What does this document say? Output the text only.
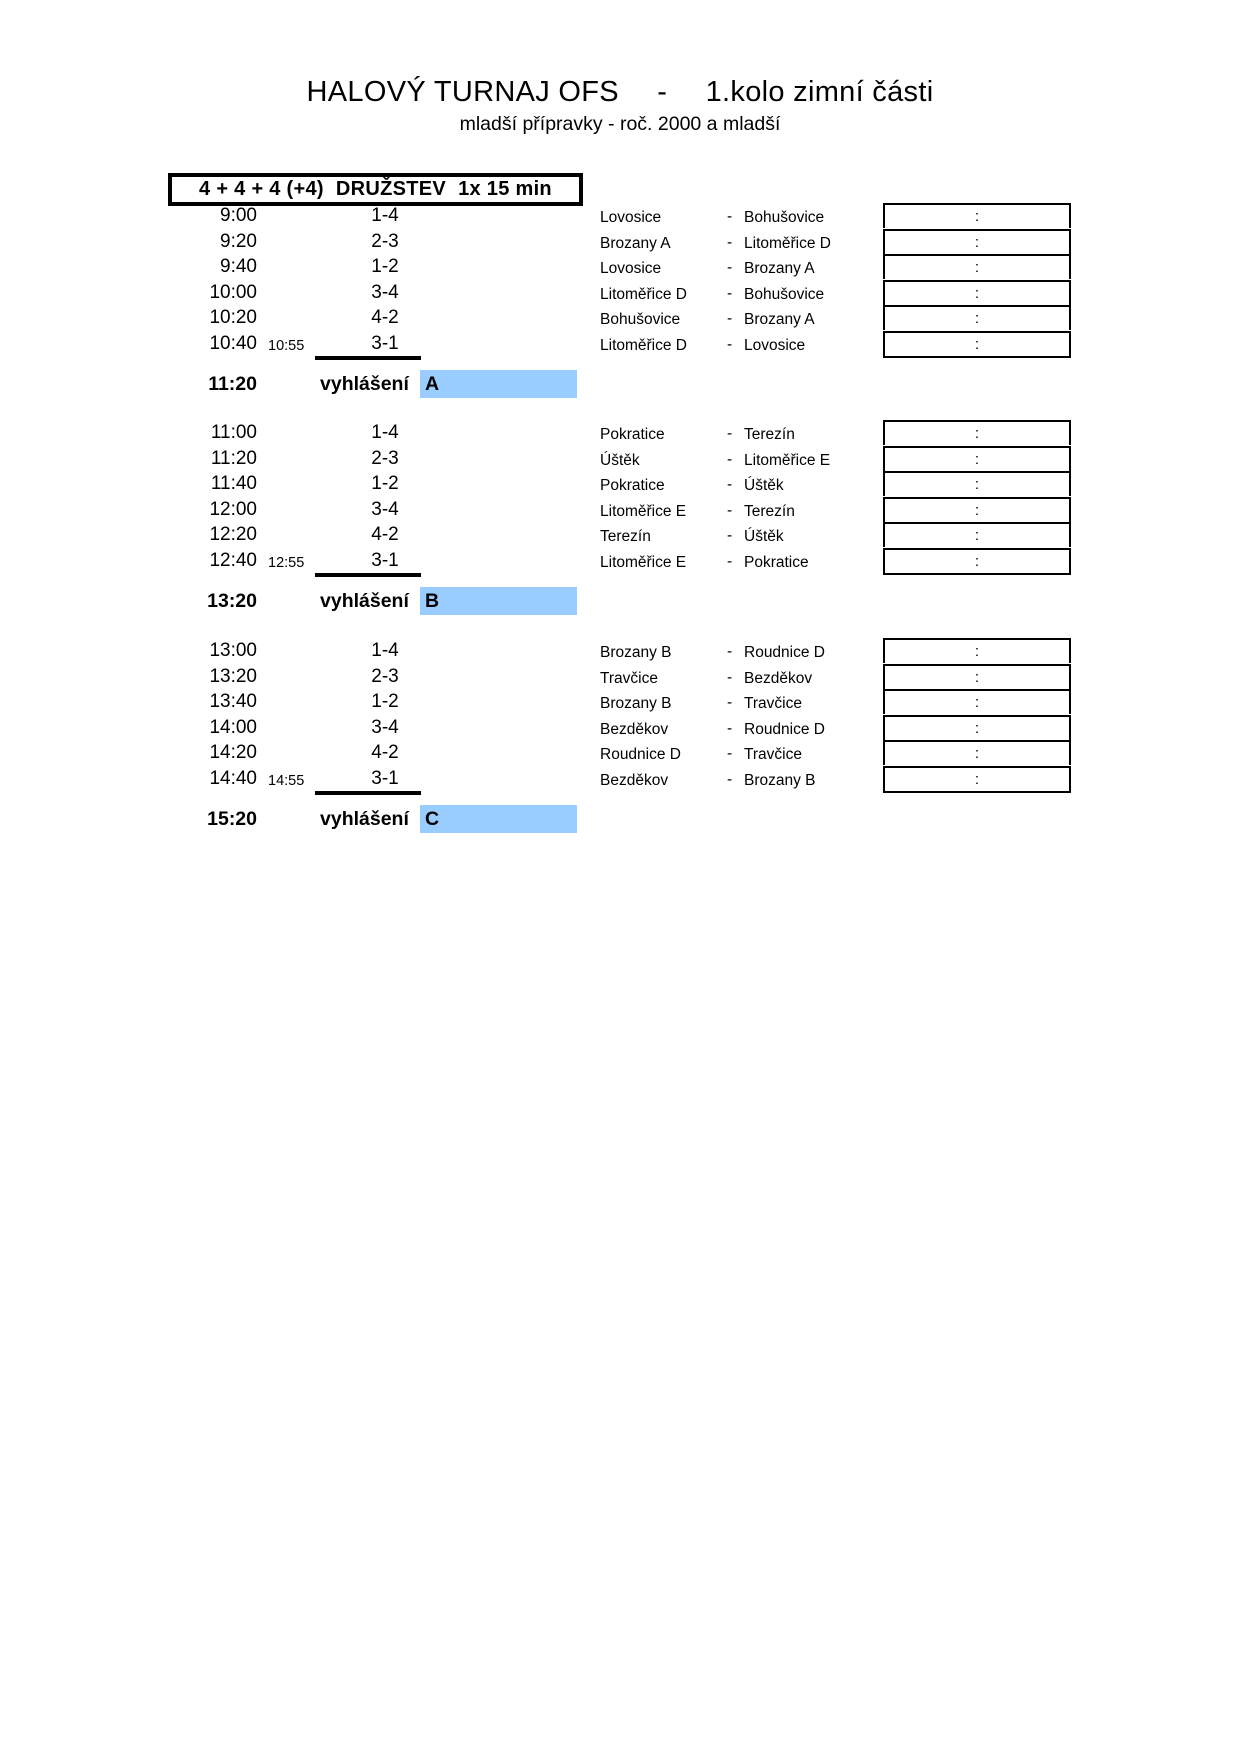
HALOVÝ TURNAJ OFS - 1.kolo zimní části
mladší přípravky - roč. 2000 a mladší
4 + 4 + 4 (+4) DRUŽSTEV 1x 15 min
9:00	1-4	Lovosice	- Bohušovice	:
9:20	2-3	Brozany A	- Litoměřice D	:
9:40	1-2	Lovosice	- Brozany A	:
10:00	3-4	Litoměřice D	- Bohušovice	:
10:20	4-2	Bohušovice	- Brozany A	:
10:40 10:55	3-1	Litoměřice D	- Lovosice	:
11:20	vyhlášení A
11:00	1-4	Pokratice	- Terezín	:
11:20	2-3	Úštěk	- Litoměřice E	:
11:40	1-2	Pokratice	- Úštěk	:
12:00	3-4	Litoměřice E	- Terezín	:
12:20	4-2	Terezín	- Úštěk	:
12:40 12:55	3-1	Litoměřice E	- Pokratice	:
13:20	vyhlášení B
13:00	1-4	Brozany B	- Roudnice D	:
13:20	2-3	Travčice	- Bezděkov	:
13:40	1-2	Brozany B	- Travčice	:
14:00	3-4	Bezděkov	- Roudnice D	:
14:20	4-2	Roudnice D	- Travčice	:
14:40 14:55	3-1	Bezděkov	- Brozany B	:
15:20	vyhlášení C
